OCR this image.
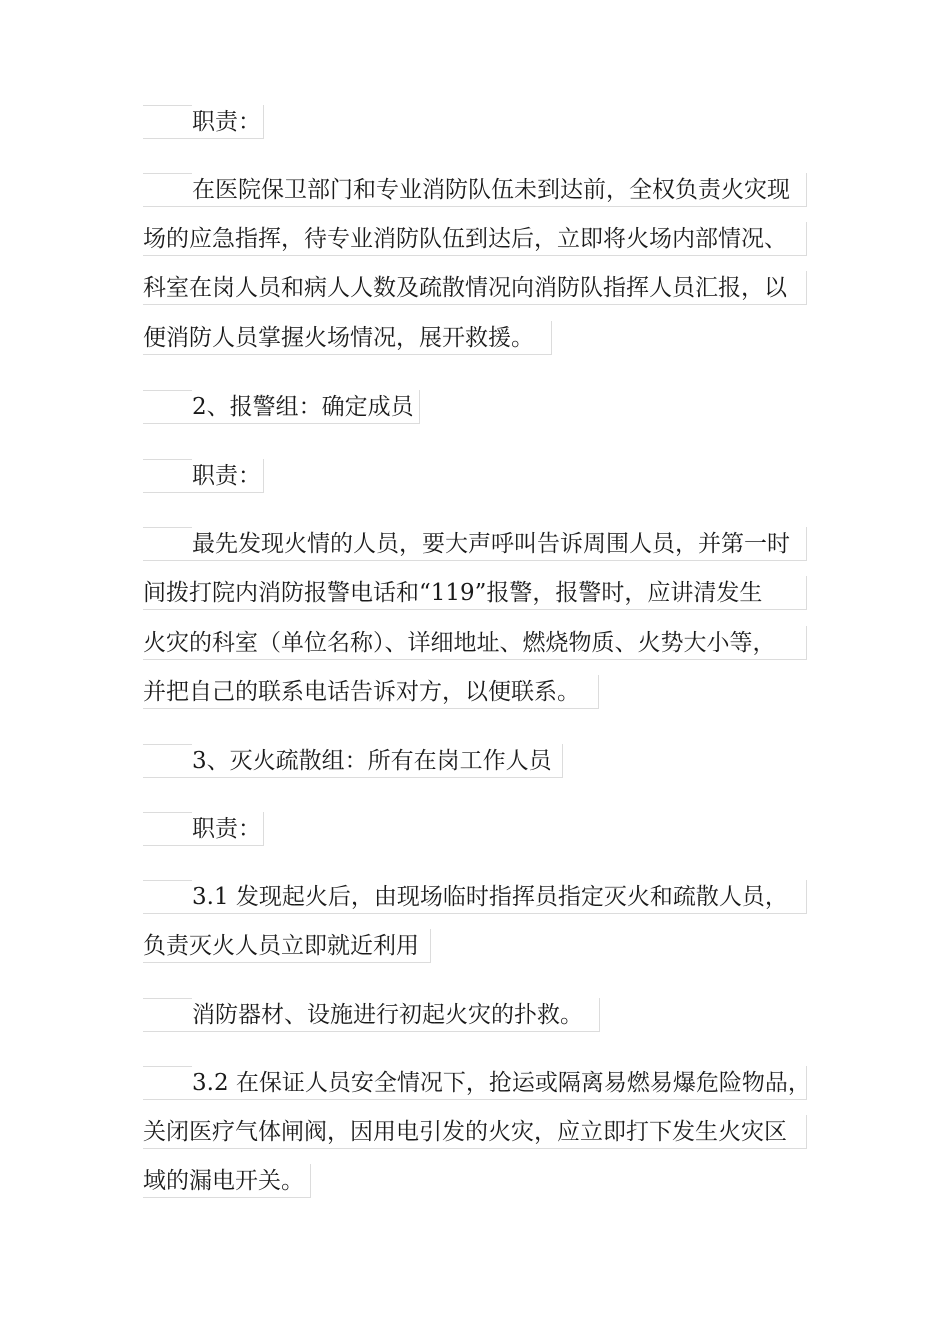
职责：
在医院保卫部门和专业消防队伍未到达前，全权负责火灾现
场的应急指挥，待专业消防队伍到达后，立即将火场内部情况、
科室在岗人员和病人人数及疏散情况向消防队指挥人员汇报，以
便消防人员掌握火场情况，展开救援。
2、报警组：确定成员
职责：
最先发现火情的人员，要大声呼叫告诉周围人员，并第一时
间拨打院内消防报警电话和“119”报警，报警时，应讲清发生
火灾的科室（单位名称）、详细地址、燃烧物质、火势大小等，
并把自己的联系电话告诉对方，以便联系。
3、灭火疏散组：所有在岗工作人员
职责：
3.1 发现起火后，由现场临时指挥员指定灭火和疏散人员，
负责灭火人员立即就近利用
消防器材、设施进行初起火灾的扑救。
3.2 在保证人员安全情况下，抢运或隔离易燃易爆危险物品，
关闭医疗气体闸阀，因用电引发的火灾，应立即打下发生火灾区
域的漏电开关。
